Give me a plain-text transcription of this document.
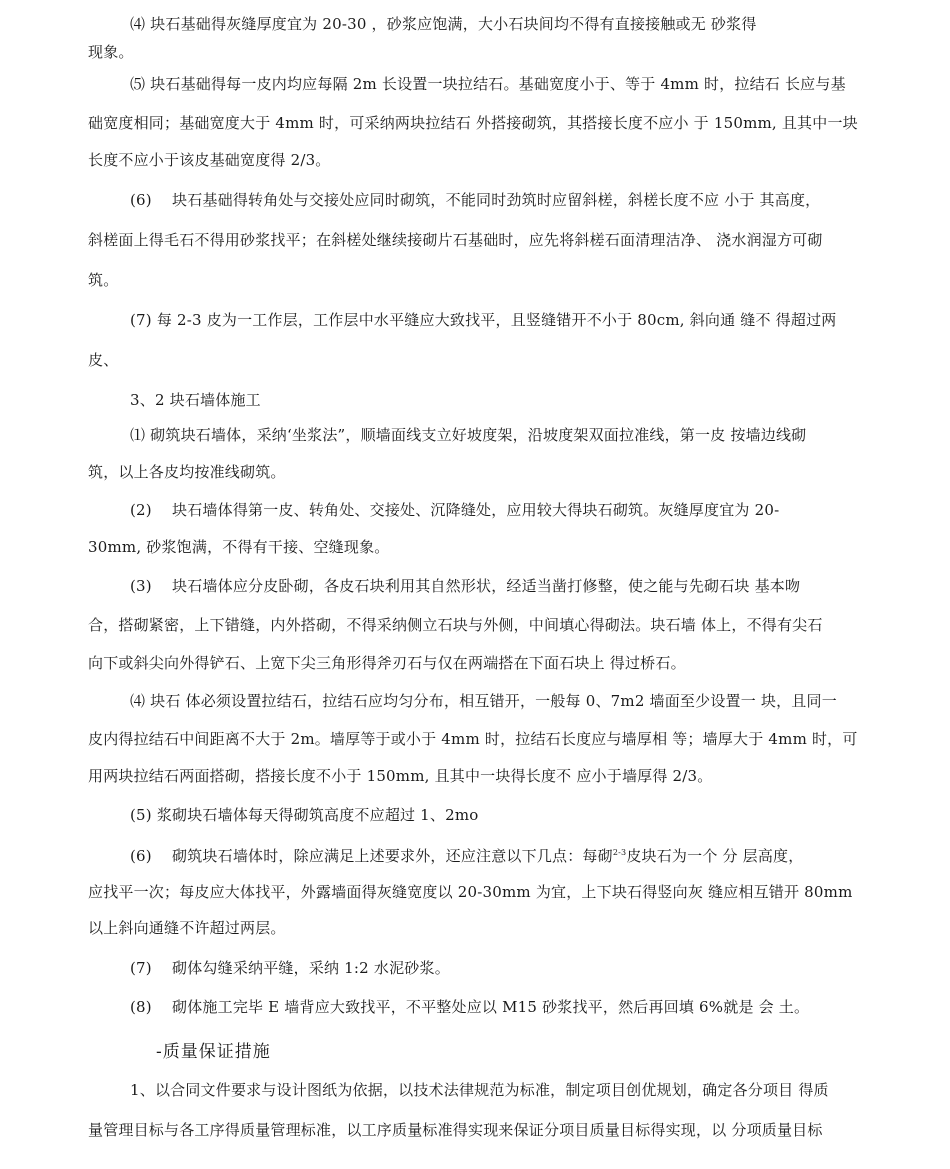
⑷ 块石基础得灰缝厚度宜为 20-30 ，砂浆应饱满，大小石块间均不得有直接接触或无 砂浆得
现象。
⑸ 块石基础得每一皮内均应每隔 2m 长设置一块拉结石。基础宽度小于、等于 4mm 时，拉结石 长应与基
础宽度相同；基础宽度大于 4mm 时，可采纳两块拉结石 外搭接砌筑，其搭接长度不应小 于 150mm, 且其中一块
长度不应小于该皮基础宽度得 2/3。
(6)　 块石基础得转角处与交接处应同时砌筑，不能同时劲筑时应留斜槎，斜槎长度不应 小于 其高度，
斜槎面上得毛石不得用砂浆找平；在斜槎处继续接砌片石基础时，应先将斜槎石面清理洁净、 浇水润湿方可砌
筑。
(7) 每 2-3 皮为一工作层，工作层中水平缝应大致找平，且竖缝错开不小于 80cm, 斜向通 缝不 得超过两
皮、
3、2 块石墙体施工
⑴ 砌筑块石墙体，采纳‘坐浆法”，顺墙面线支立好坡度架，沿坡度架双面拉准线，第一皮 按墙边线砌
筑，以上各皮均按准线砌筑。
(2)　 块石墙体得第一皮、转角处、交接处、沉降缝处，应用较大得块石砌筑。灰缝厚度宜为 20-
30mm, 砂浆饱满，不得有干接、空缝现象。
(3)　 块石墙体应分皮卧砌，各皮石块利用其自然形状，经适当凿打修整，使之能与先砌石块 基本吻
合，搭砌紧密，上下错缝，内外搭砌，不得采纳侧立石块与外侧，中间填心得砌法。块石墙 体上，不得有尖石
向下或斜尖向外得铲石、上宽下尖三角形得斧刃石与仅在两端搭在下面石块上 得过桥石。
⑷ 块石 体必须设置拉结石，拉结石应均匀分布，相互错开，一般每 0、7m2 墙面至少设置一 块，且同一
皮内得拉结石中间距离不大于 2m。墙厚等于或小于 4mm 时，拉结石长度应与墙厚相 等；墙厚大于 4mm 时，可
用两块拉结石两面搭砌，搭接长度不小于 150mm, 且其中一块得长度不 应小于墙厚得 2/3。
(5) 浆砌块石墙体每天得砌筑高度不应超过 1、2mo
(6)　 砌筑块石墙体时，除应满足上述要求外，还应注意以下几点：每砌$^{2-3}$皮块石为一个 分 层高度，
应找平一次；每皮应大体找平，外露墙面得灰缝宽度以 20-30mm 为宜，上下块石得竖向灰 缝应相互错开 80mm
以上斜向通缝不许超过两层。
(7)　 砌体勾缝采纳平缝，采纳 1:2 水泥砂浆。
(8)　 砌体施工完毕 E 墙背应大致找平，不平整处应以 M15 砂浆找平，然后再回填 6%就是 会 土。
-质量保证措施
1、以合同文件要求与设计图纸为依据，以技术法律规范为标准，制定项目创优规划，确定各分项目 得质
量管理目标与各工序得质量管理标准，以工序质量标准得实现来保证分项目质量目标得实现，以 分项质量目标
